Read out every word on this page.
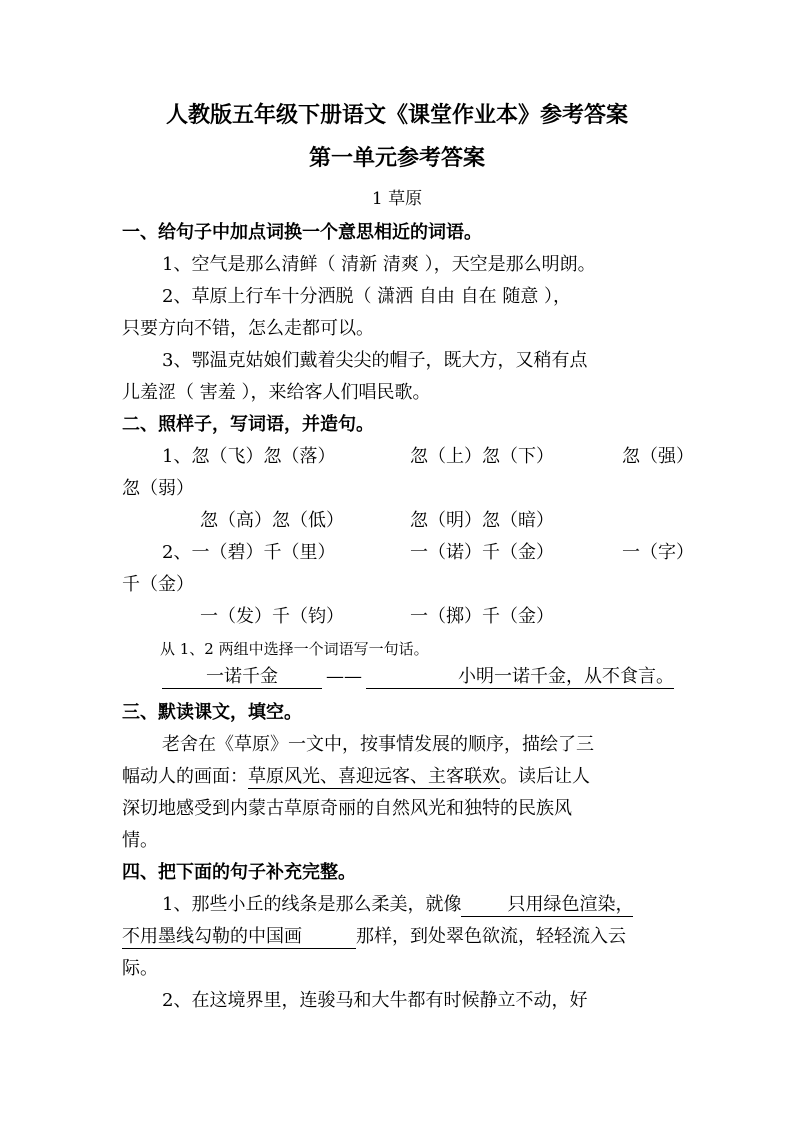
人教版五年级下册语文《课堂作业本》参考答案
第一单元参考答案
1 草原
一、给句子中加点词换一个意思相近的词语。
1、空气是那么清鲜（ 清新 清爽 ），天空是那么明朗。
2、草原上行车十分洒脱（ 潇洒 自由 自在 随意 ），
只要方向不错，怎么走都可以。
3、鄂温克姑娘们戴着尖尖的帽子，既大方，又稍有点
儿羞涩（ 害羞 ），来给客人们唱民歌。
二、照样子，写词语，并造句。
1、忽（飞）忽（落）	忽（上）忽（下）	忽（强）
忽（弱）
忽（高）忽（低）	忽（明）忽（暗）
2、一（碧）千（里）	一（诺）千（金）	一（字）
千（金）
一（发）千（钧）	一（掷）千（金）
从 1、2 两组中选择一个词语写一句话。
一诺千金	——	小明一诺千金，从不食言。
三、默读课文，填空。
老舍在《草原》一文中，按事情发展的顺序，描绘了三
幅动人的画面：草原风光、喜迎远客、主客联欢。读后让人
深切地感受到内蒙古草原奇丽的自然风光和独特的民族风
情。
四、把下面的句子补充完整。
1、那些小丘的线条是那么柔美，就像	只用绿色渲染，
不用墨线勾勒的中国画	那样，到处翠色欲流，轻轻流入云
际。
2、在这境界里，连骏马和大牛都有时候静立不动，好
